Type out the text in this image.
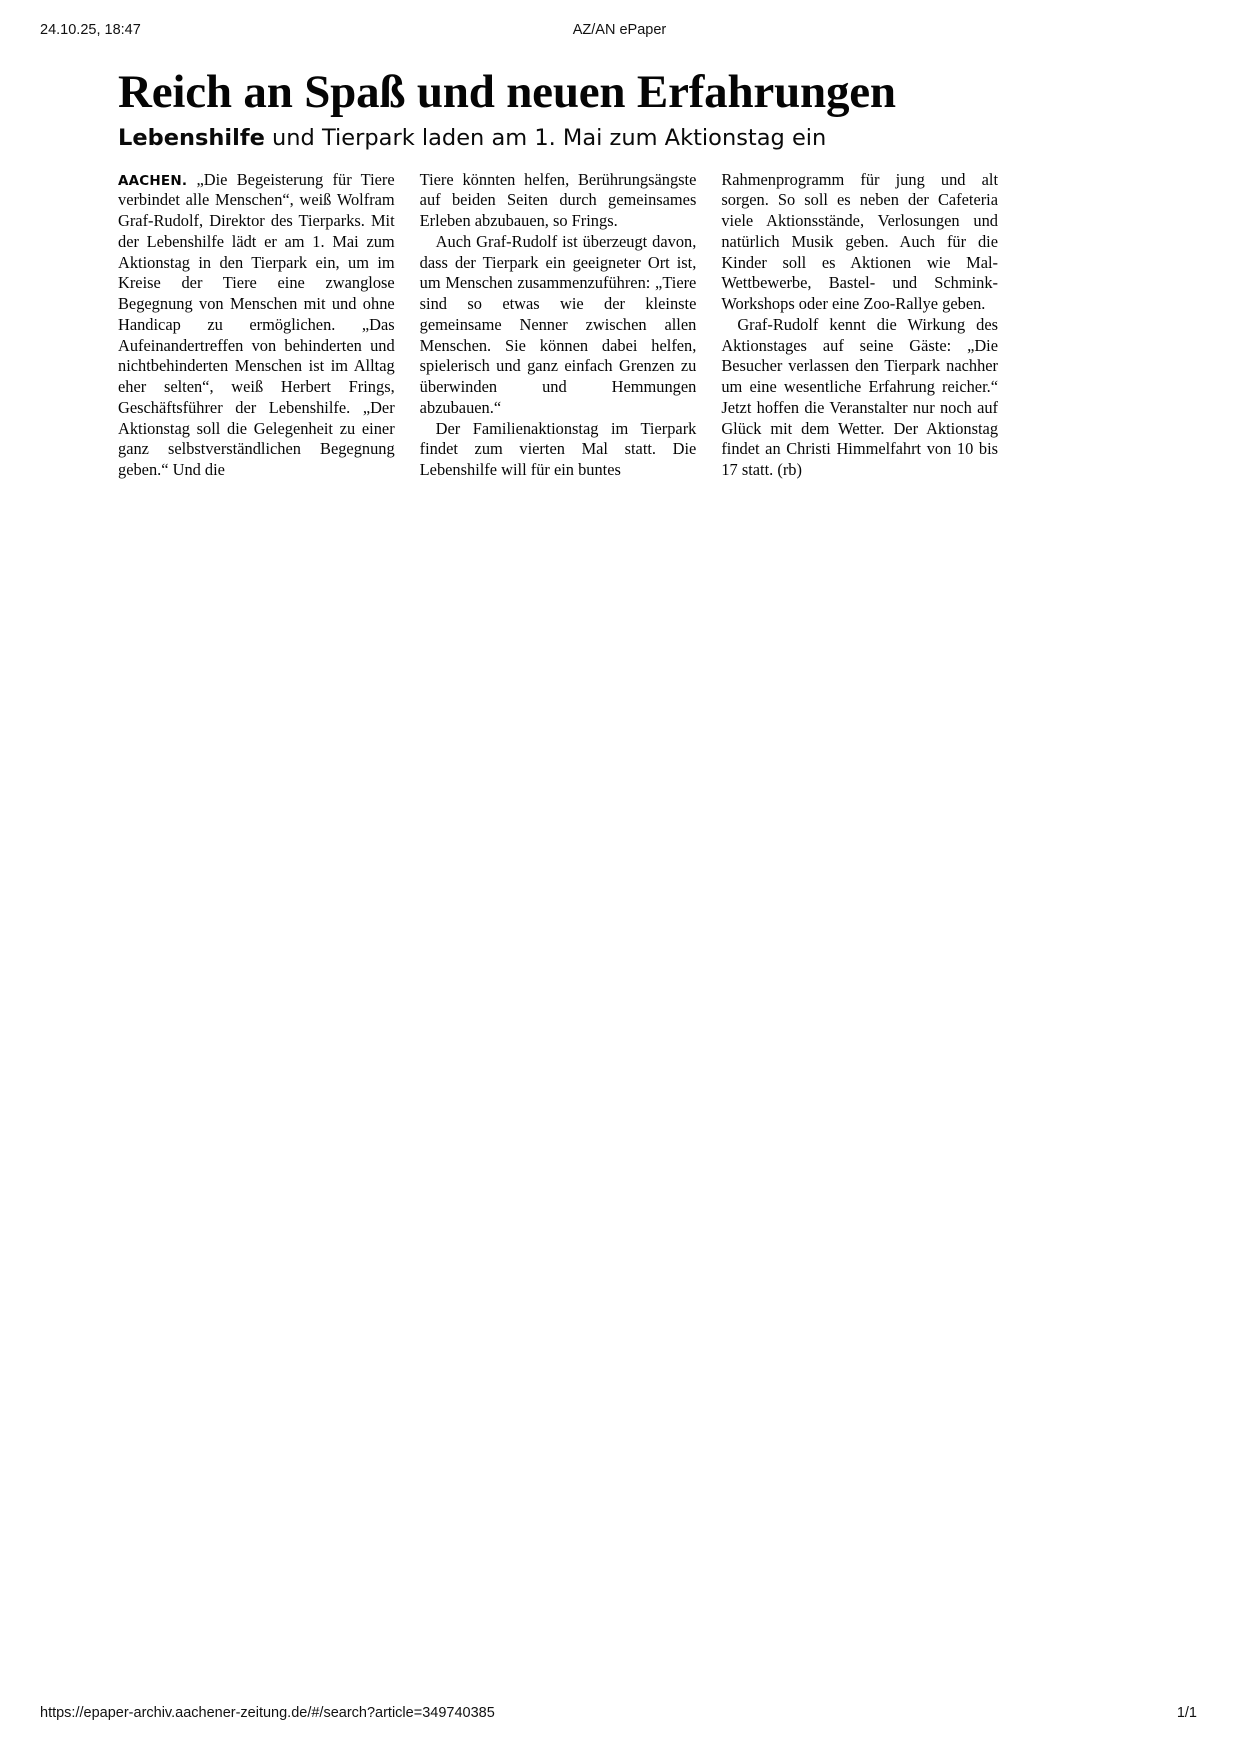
24.10.25, 18:47	AZ/AN ePaper
Reich an Spaß und neuen Erfahrungen
Lebenshilfe und Tierpark laden am 1. Mai zum Aktionstag ein

AACHEN. „Die Begeisterung für Tiere verbindet alle Menschen“, weiß Wolfram Graf-Rudolf, Direktor des Tierparks. Mit der Lebenshilfe lädt er am 1. Mai zum Aktionstag in den Tierpark ein, um im Kreise der Tiere eine zwanglose Begegnung von Menschen mit und ohne Handicap zu ermöglichen. „Das Aufeinandertreffen von behinderten und nichtbehinderten Menschen ist im Alltag eher selten“, weiß Herbert Frings, Geschäftsführer der Lebenshilfe. „Der Aktionstag soll die Gelegenheit zu einer ganz selbstverständlichen Begegnung geben.“ Und die

Tiere könnten helfen, Berührungsängste auf beiden Seiten durch gemeinsames Erleben abzubauen, so Frings.

Auch Graf-Rudolf ist überzeugt davon, dass der Tierpark ein geeigneter Ort ist, um Menschen zusammenzuführen: „Tiere sind so etwas wie der kleinste gemeinsame Nenner zwischen allen Menschen. Sie können dabei helfen, spielerisch und ganz einfach Grenzen zu überwinden und Hemmungen abzubauen.“

Der Familienaktionstag im Tierpark findet zum vierten Mal statt. Die Lebenshilfe will für ein buntes

Rahmenprogramm für jung und alt sorgen. So soll es neben der Cafeteria viele Aktionsstände, Verlosungen und natürlich Musik geben. Auch für die Kinder soll es Aktionen wie Mal-Wettbewerbe, Bastel- und Schmink-Workshops oder eine Zoo-Rallye geben.

Graf-Rudolf kennt die Wirkung des Aktionstages auf seine Gäste: „Die Besucher verlassen den Tierpark nachher um eine wesentliche Erfahrung reicher.“ Jetzt hoffen die Veranstalter nur noch auf Glück mit dem Wetter. Der Aktionstag findet an Christi Himmelfahrt von 10 bis 17 statt. (rb)

https://epaper-archiv.aachener-zeitung.de/#/search?article=349740385	1/1
